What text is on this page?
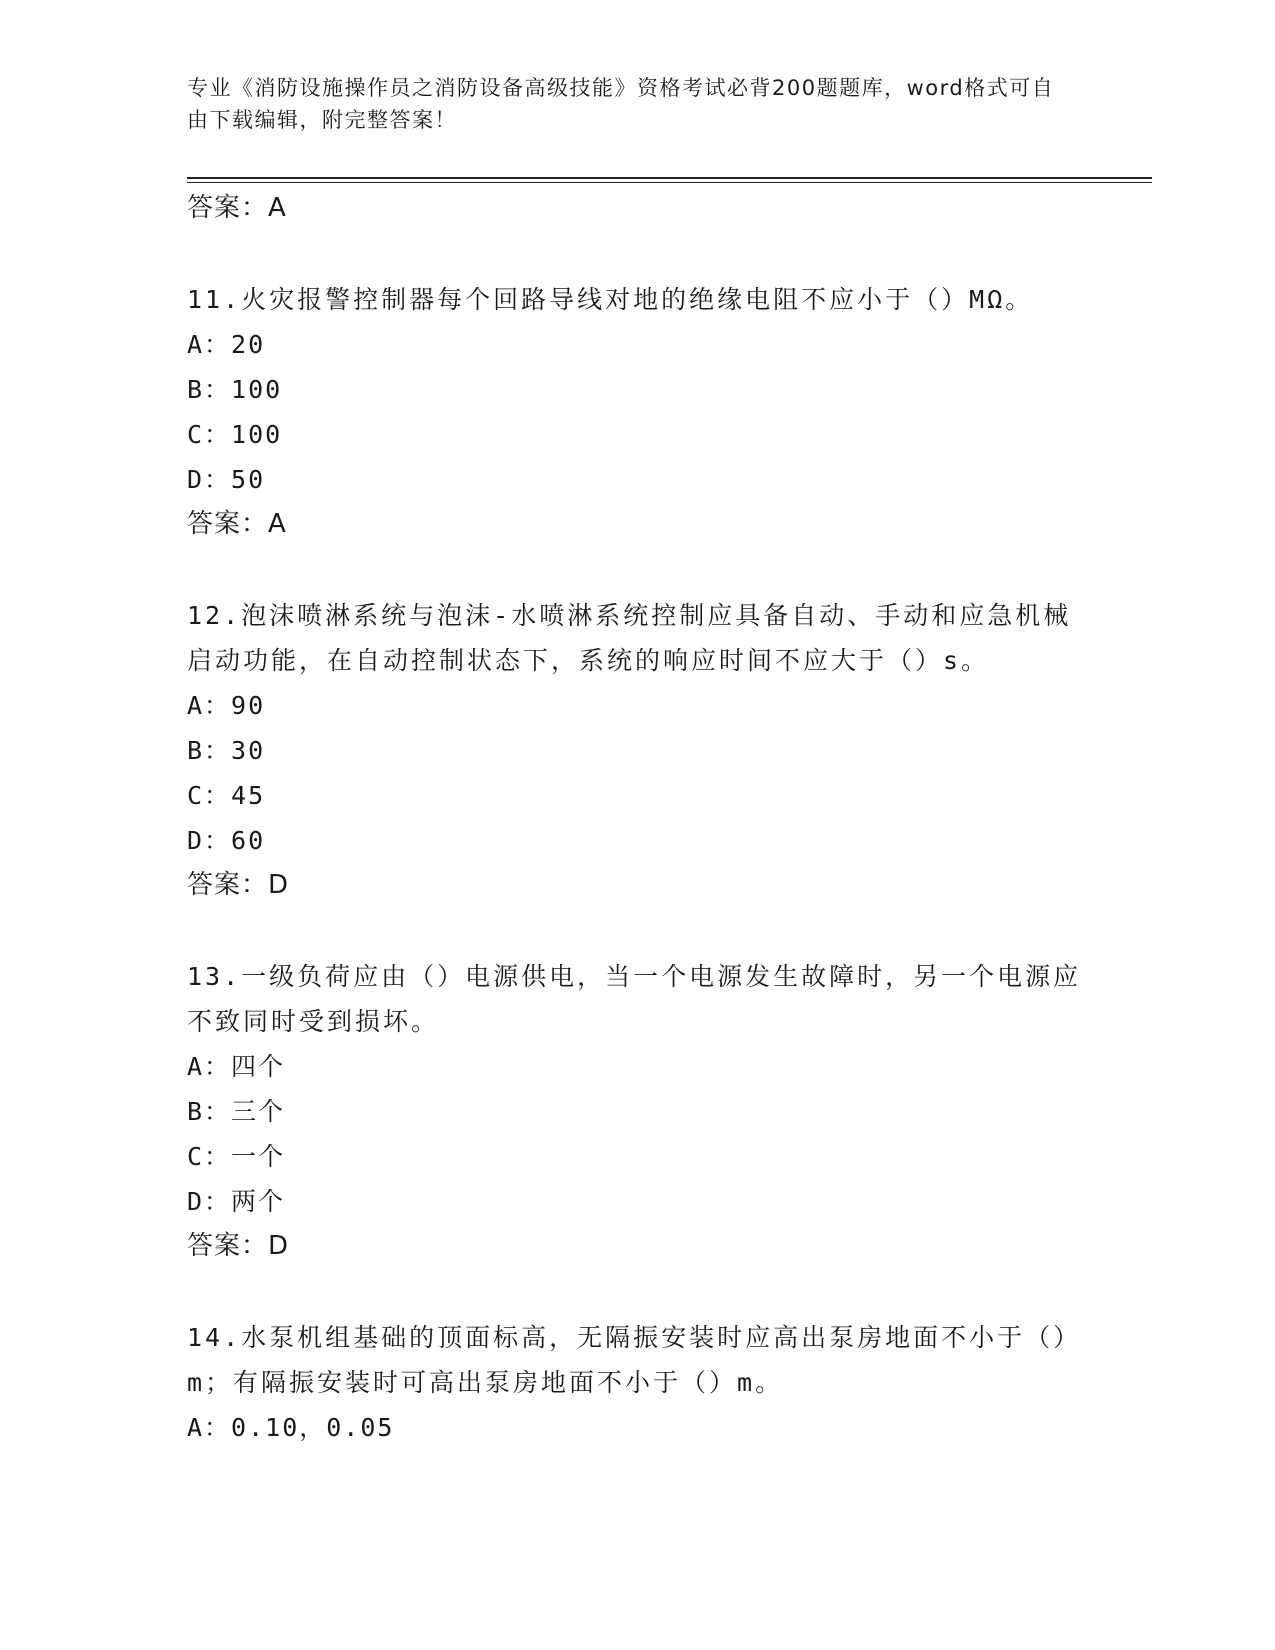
专业《消防设施操作员之消防设备高级技能》资格考试必背200题题库，word格式可自由下载编辑，附完整答案！
答案：A
11.火灾报警控制器每个回路导线对地的绝缘电阻不应小于（）MΩ。
A：20
B：100
C：100
D：50
答案：A
12.泡沫喷淋系统与泡沫-水喷淋系统控制应具备自动、手动和应急机械启动功能，在自动控制状态下，系统的响应时间不应大于（）s。
A：90
B：30
C：45
D：60
答案：D
13.一级负荷应由（）电源供电，当一个电源发生故障时，另一个电源应不致同时受到损坏。
A：四个
B：三个
C：一个
D：两个
答案：D
14.水泵机组基础的顶面标高，无隔振安装时应高出泵房地面不小于（）m；有隔振安装时可高出泵房地面不小于（）m。
A：0.10，0.05
